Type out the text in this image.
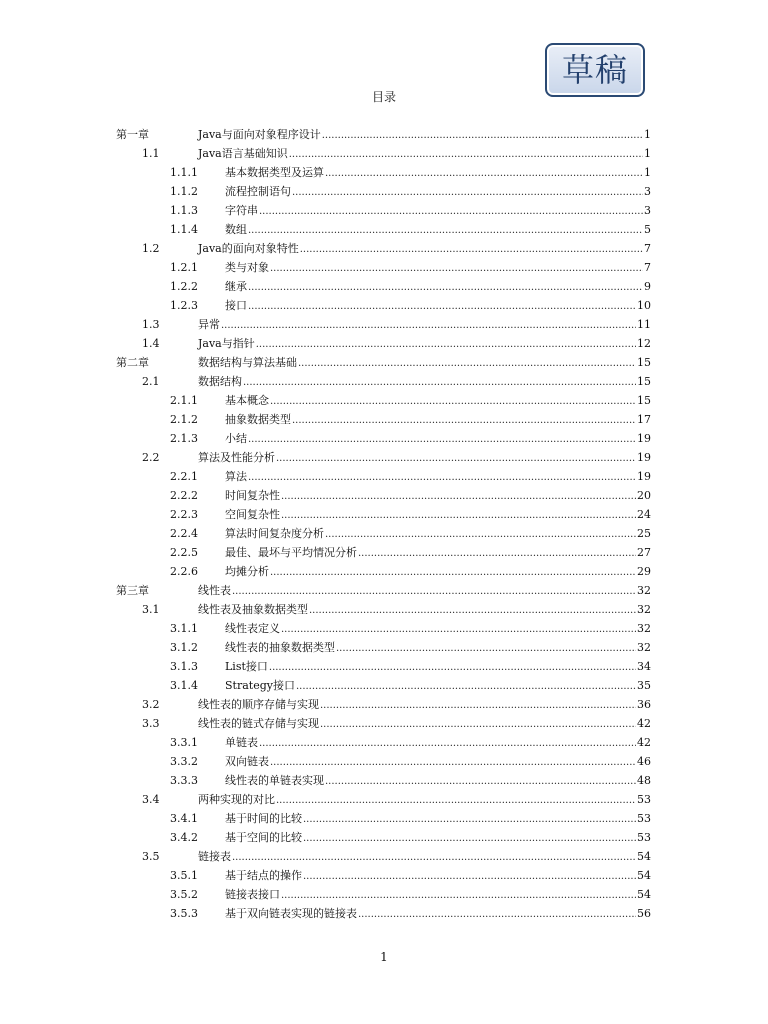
草稿
目录
第一章	Java与面向对象程序设计 .....	1
1.1	Java语言基础知识 .....	1
1.1.1	基本数据类型及运算 .....	1
1.1.2	流程控制语句 .....	3
1.1.3	字符串 .....	3
1.1.4	数组 .....	5
1.2	Java的面向对象特性 .....	7
1.2.1	类与对象 .....	7
1.2.2	继承 .....	9
1.2.3	接口 .....	10
1.3	异常 .....	11
1.4	Java与指针 .....	12
第二章	数据结构与算法基础 .....	15
2.1	数据结构 .....	15
2.1.1	基本概念 .....	15
2.1.2	抽象数据类型 .....	17
2.1.3	小结 .....	19
2.2	算法及性能分析 .....	19
2.2.1	算法 .....	19
2.2.2	时间复杂性 .....	20
2.2.3	空间复杂性 .....	24
2.2.4	算法时间复杂度分析 .....	25
2.2.5	最佳、最坏与平均情况分析 .....	27
2.2.6	均摊分析 .....	29
第三章	线性表 .....	32
3.1	线性表及抽象数据类型 .....	32
3.1.1	线性表定义 .....	32
3.1.2	线性表的抽象数据类型 .....	32
3.1.3	List接口 .....	34
3.1.4	Strategy接口 .....	35
3.2	线性表的顺序存储与实现 .....	36
3.3	线性表的链式存储与实现 .....	42
3.3.1	单链表 .....	42
3.3.2	双向链表 .....	46
3.3.3	线性表的单链表实现 .....	48
3.4	两种实现的对比 .....	53
3.4.1	基于时间的比较 .....	53
3.4.2	基于空间的比较 .....	53
3.5	链接表 .....	54
3.5.1	基于结点的操作 .....	54
3.5.2	链接表接口 .....	54
3.5.3	基于双向链表实现的链接表 .....	56
1
